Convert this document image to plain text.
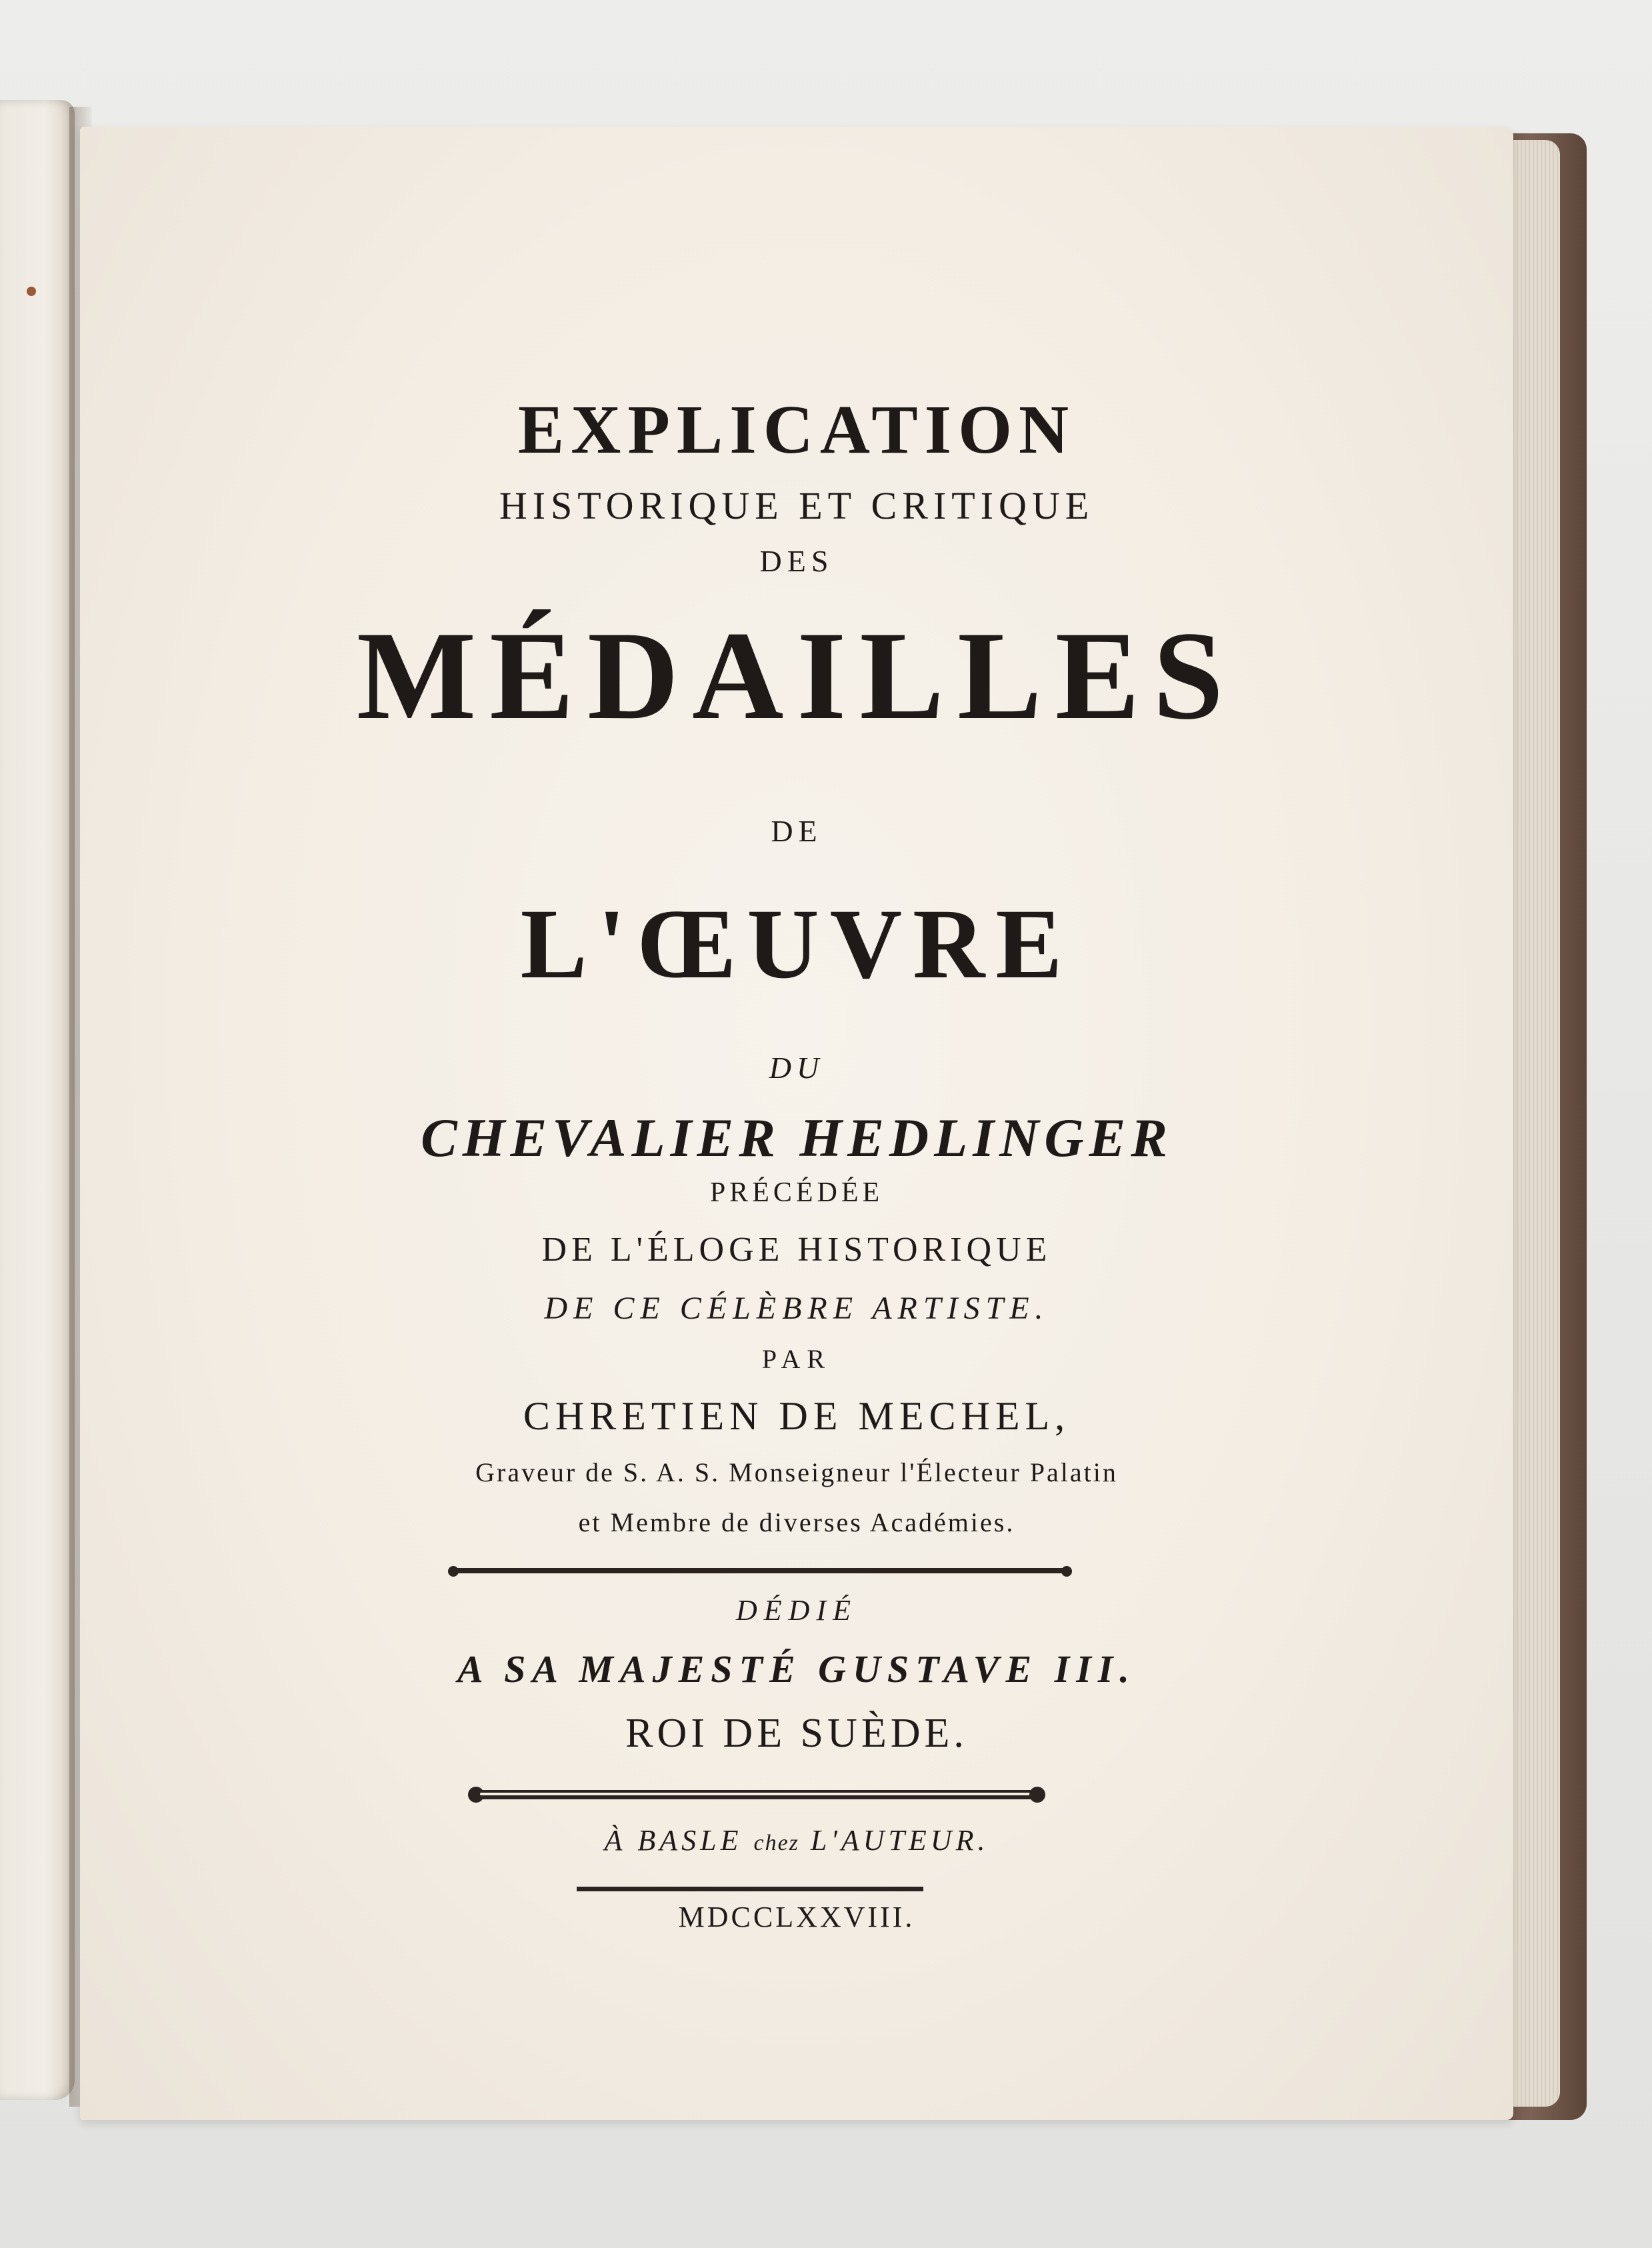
EXPLICATION
HISTORIQUE ET CRITIQUE
DES
MÉDAILLES
DE
L'ŒUVRE
DU
CHEVALIER HEDLINGER
PRÉCÉDÉE
DE L'ÉLOGE HISTORIQUE
DE CE CÉLÈBRE ARTISTE.
PAR
CHRETIEN DE MECHEL,
Graveur de S. A. S. Monseigneur l'Électeur Palatin
et Membre de diverses Académies.
DÉDIÉ
A SA MAJESTÉ GUSTAVE III.
ROI DE SUÈDE.
À BASLE chez L'AUTEUR.
MDCCLXXVIII.
